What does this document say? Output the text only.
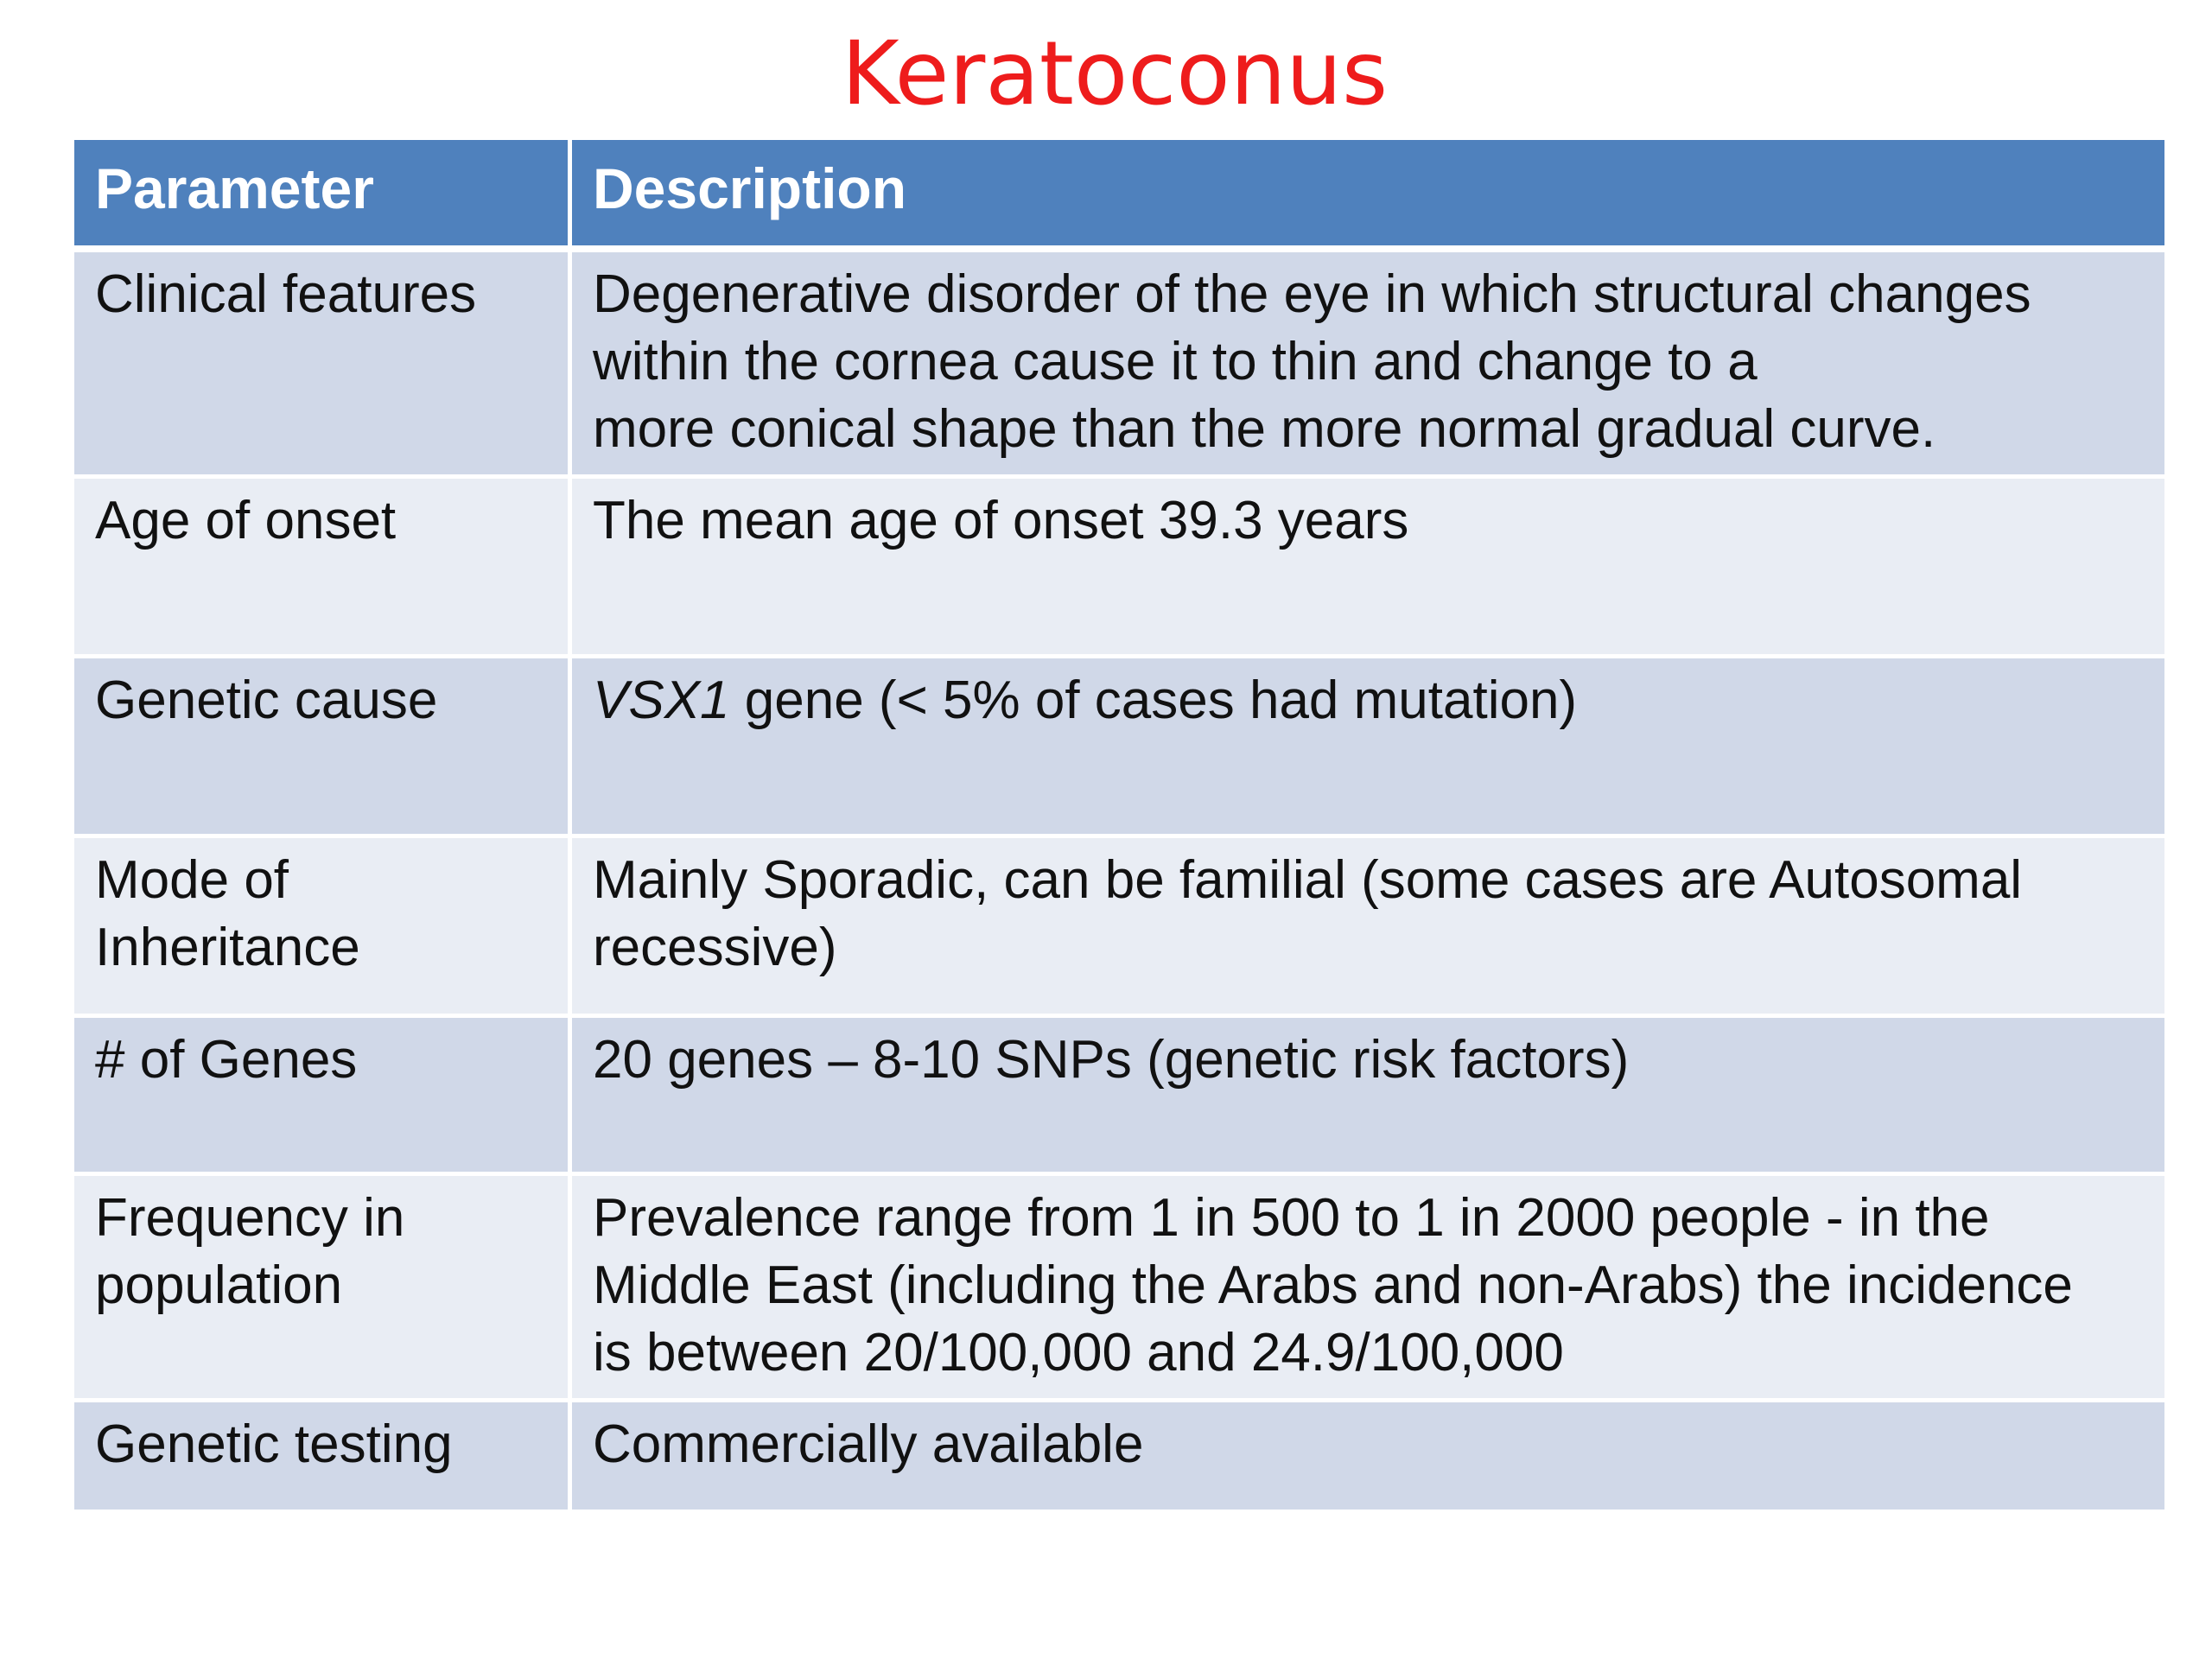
Keratoconus
Parameter	Description
Clinical features	Degenerative disorder of the eye in which structural changes
within the cornea cause it to thin and change to a
more conical shape than the more normal gradual curve.
Age of onset	The mean age of onset 39.3 years
Genetic cause	VSX1 gene (< 5% of cases had mutation)
Mode of
Inheritance	Mainly Sporadic, can be familial (some cases are Autosomal
recessive)
# of Genes	20 genes – 8-10 SNPs (genetic risk factors)
Frequency in
population	Prevalence range from 1 in 500 to 1 in 2000 people - in the
Middle East (including the Arabs and non-Arabs) the incidence
is between 20/100,000 and 24.9/100,000
Genetic testing	Commercially available
